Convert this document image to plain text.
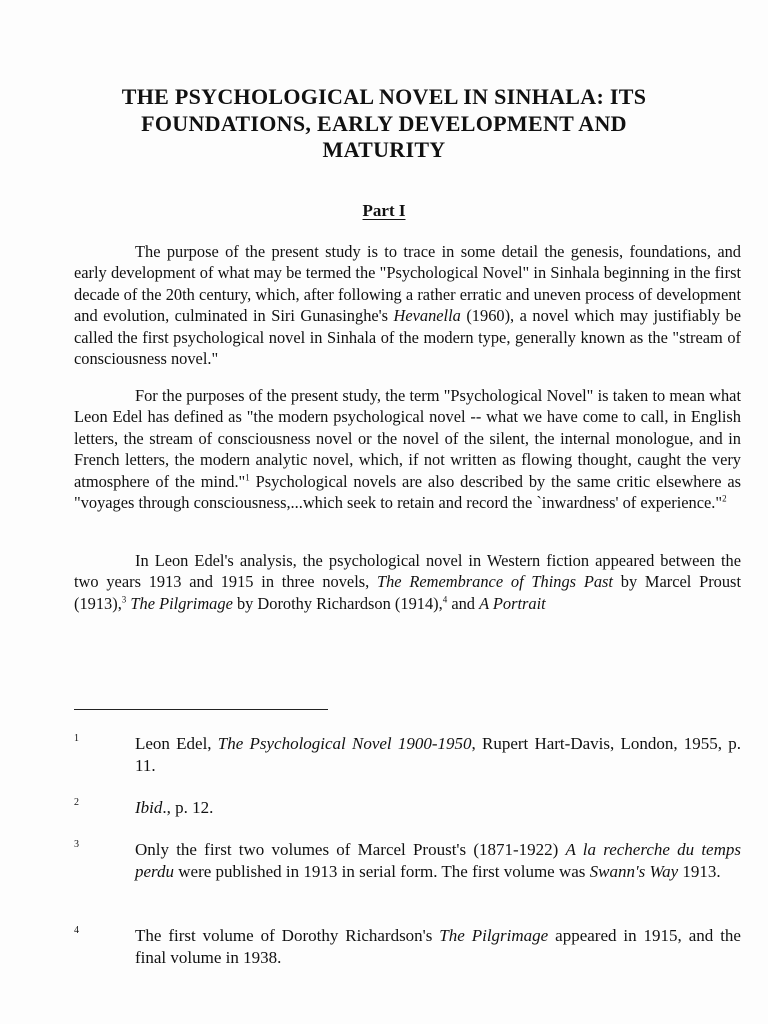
THE PSYCHOLOGICAL NOVEL IN SINHALA: ITS
FOUNDATIONS, EARLY DEVELOPMENT AND
MATURITY
Part I

The purpose of the present study is to trace in some detail the genesis, foundations, and early development of what may be termed the "Psychological Novel" in Sinhala beginning in the first decade of the 20th century, which, after following a rather erratic and uneven process of development and evolution, culminated in Siri Gunasinghe's Hevanella (1960), a novel which may justifiably be called the first psychological novel in Sinhala of the modern type, generally known as the "stream of consciousness novel."

For the purposes of the present study, the term "Psychological Novel" is taken to mean what Leon Edel has defined as "the modern psychological novel -- what we have come to call, in English letters, the stream of consciousness novel or the novel of the silent, the internal monologue, and in French letters, the modern analytic novel, which, if not written as flowing thought, caught the very atmosphere of the mind."$^1$ Psychological novels are also described by the same critic elsewhere as "voyages through consciousness,...which seek to retain and record the `inwardness' of experience."$^2$

In Leon Edel's analysis, the psychological novel in Western fiction appeared between the two years 1913 and 1915 in three novels, The Remembrance of Things Past by Marcel Proust (1913),$^3$ The Pilgrimage by Dorothy Richardson (1914),$^4$ and A Portrait

1	Leon Edel, The Psychological Novel 1900-1950, Rupert Hart-Davis, London, 1955, p. 11.

2	Ibid., p. 12.

3	Only the first two volumes of Marcel Proust's (1871-1922) A la recherche du temps perdu were published in 1913 in serial form. The first volume was Swann's Way 1913.

4	The first volume of Dorothy Richardson's The Pilgrimage appeared in 1915, and the final volume in 1938.
